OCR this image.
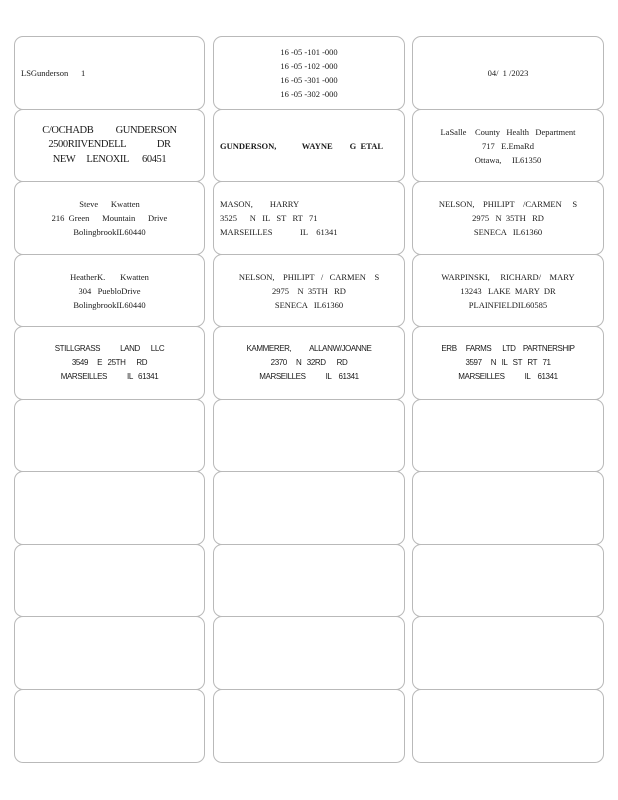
LSGunderson      1
16 -05 -101 -000
16 -05 -102 -000
16 -05 -301 -000
16 -05 -302 -000
04/  1 /2023
C/OCHADB          GUNDERSON
2500RIIVENDELL              DR
NEW     LENOXIL      60451
GUNDERSON,            WAYNE        G  ETAL
LaSalle    County   Health   Department
717   E.EmaRd
Ottawa,     IL61350
Steve      Kwatten
216  Green      Mountain      Drive
BolingbrookIL60440
MASON,        HARRY
3525      N   IL   ST   RT   71
MARSEILLES             IL    61341
NELSON,    PHILIPT    /CARMEN     S
2975   N  35TH   RD
SENECA   IL61360
HeatherK.       Kwatten
304   PuebloDrive
BolingbrookIL60440
NELSON,    PHILIPT   /   CARMEN    S
2975    N  35TH   RD
SENECA   IL61360
WARPINSKI,     RICHARD/    MARY
13243   LAKE  MARY  DR
PLAINFIELDIL60585
STILLGRASS           LAND      LLC
3549     E   25TH      RD
MARSEILLES           IL   61341
KAMMERER,          ALLANW/JOANNE
2370     N   32RD      RD
MARSEILLES           IL    61341
ERB     FARMS      LTD    PARTNERSHIP
3597     N   IL   ST   RT   71
MARSEILLES           IL    61341
